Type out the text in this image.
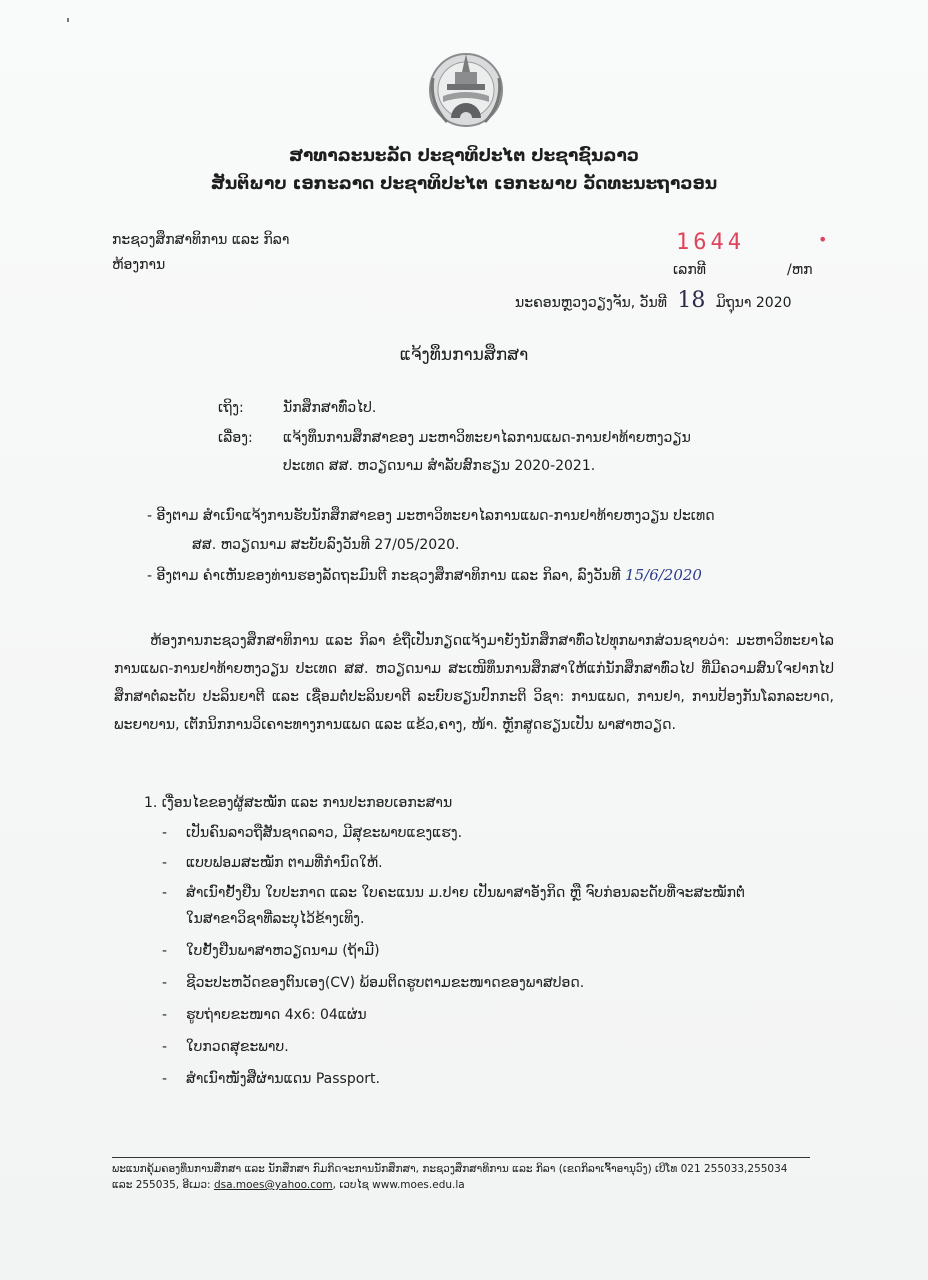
ສາທາລະນະລັດ ປະຊາທິປະໄຕ ປະຊາຊົນລາວ
ສັນຕິພາບ ເອກະລາດ ປະຊາທິປະໄຕ ເອກະພາບ ວັດທະນະຖາວອນ
ກະຊວງສຶກສາທິການ ແລະ ກິລາ
ຫ້ອງການ
1644	•
ເລກທີ	/ຫກ
ນະຄອນຫຼວງວຽງຈັນ, ວັນທີ 18 ມິຖຸນາ 2020
ແຈ້ງທຶນການສຶກສາ
ເຖິງ:	ນັກສຶກສາທົ່ວໄປ.
ເລື່ອງ: ແຈ້ງທຶນການສຶກສາຂອງ ມະຫາວິທະຍາໄລການແພດ-ການຢາທ້າຍຫງວຽນ
ປະເທດ ສສ. ຫວຽດນາມ ສຳລັບສົກຮຽນ 2020-2021.
- ອີງຕາມ ສຳເນົາແຈ້ງການຮັບນັກສຶກສາຂອງ ມະຫາວິທະຍາໄລການແພດ-ການຢາທ້າຍຫງວຽນ ປະເທດ
ສສ. ຫວຽດນາມ ສະບັບລົງວັນທີ 27/05/2020.
- ອີງຕາມ ຄຳເຫັນຂອງທ່ານຮອງລັດຖະມົນຕີ ກະຊວງສຶກສາທິການ ແລະ ກິລາ, ລົງວັນທີ 15/6/2020
ຫ້ອງການກະຊວງສຶກສາທິການ ແລະ ກິລາ ຂໍຖືເປັນກຽດແຈ້ງມາຍັງນັກສຶກສາທົ່ວໄປທຸກພາກສ່ວນຊາບວ່າ: ມະຫາວິທະຍາໄລການແພດ-ການຢາທ້າຍຫງວຽນ ປະເທດ ສສ. ຫວຽດນາມ ສະເໜີທຶນການສຶກສາໃຫ້ແກ່ນັກສຶກສາທົ່ວໄປ ທີ່ມີຄວາມສົນໃຈຢາກໄປສຶກສາຕໍ່ລະດັບ ປະລິນຍາຕີ ແລະ ເຊື່ອມຕໍ່ປະລິນຍາຕີ ລະບົບຮຽນປົກກະຕິ ວິຊາ: ການແພດ, ການຢາ, ການປ້ອງກັນໂລກລະບາດ, ພະຍາບານ, ເຕັກນິກການວິເຄາະທາງການແພດ ແລະ ແຂ້ວ,ຄາງ, ໜ້າ. ຫຼັກສູດຮຽນເປັນ ພາສາຫວຽດ.
1. ເງື່ອນໄຂຂອງຜູ້ສະໝັກ ແລະ ການປະກອບເອກະສານ
- ເປັນຄົນລາວຖືສັນຊາດລາວ, ມີສຸຂະພາບແຂງແຮງ.
- ແບບຟອມສະໝັກ ຕາມທີ່ກຳນົດໃຫ້.
- ສຳເນົາຢັ້ງຢືນ ໃບປະກາດ ແລະ ໃບຄະແນນ ມ.ປາຍ ເປັນພາສາອັງກິດ ຫຼື ຈົບກ່ອນລະດັບທີ່ຈະສະໝັກຕໍ່
ໃນສາຂາວິຊາທີ່ລະບຸໄວ້ຂ້າງເທິງ.
- ໃບຢັ້ງຢືນພາສາຫວຽດນາມ (ຖ້າມີ)
- ຊີວະປະຫວັດຂອງຕົນເອງ(CV) ພ້ອມຕິດຮູບຕາມຂະໜາດຂອງພາສປອດ.
- ຮູບຖ່າຍຂະໜາດ 4x6: 04ແຜ່ນ
- ໃບກວດສຸຂະພາບ.
- ສຳເນົາໜັງສືຜ່ານແດນ Passport.
ພະແນກຄຸ້ມຄອງທຶນການສຶກສາ ແລະ ນັກສຶກສາ ກົມກິດຈະການນັກສຶກສາ, ກະຊວງສຶກສາທິການ ແລະ ກິລາ (ເຂດກິລາເຈົ້າອານຸວົງ) ເບີໂທ 021 255033,255034
ແລະ 255035, ອີເມວ: dsa.moes@yahoo.com, ເວບໄຊ www.moes.edu.la
